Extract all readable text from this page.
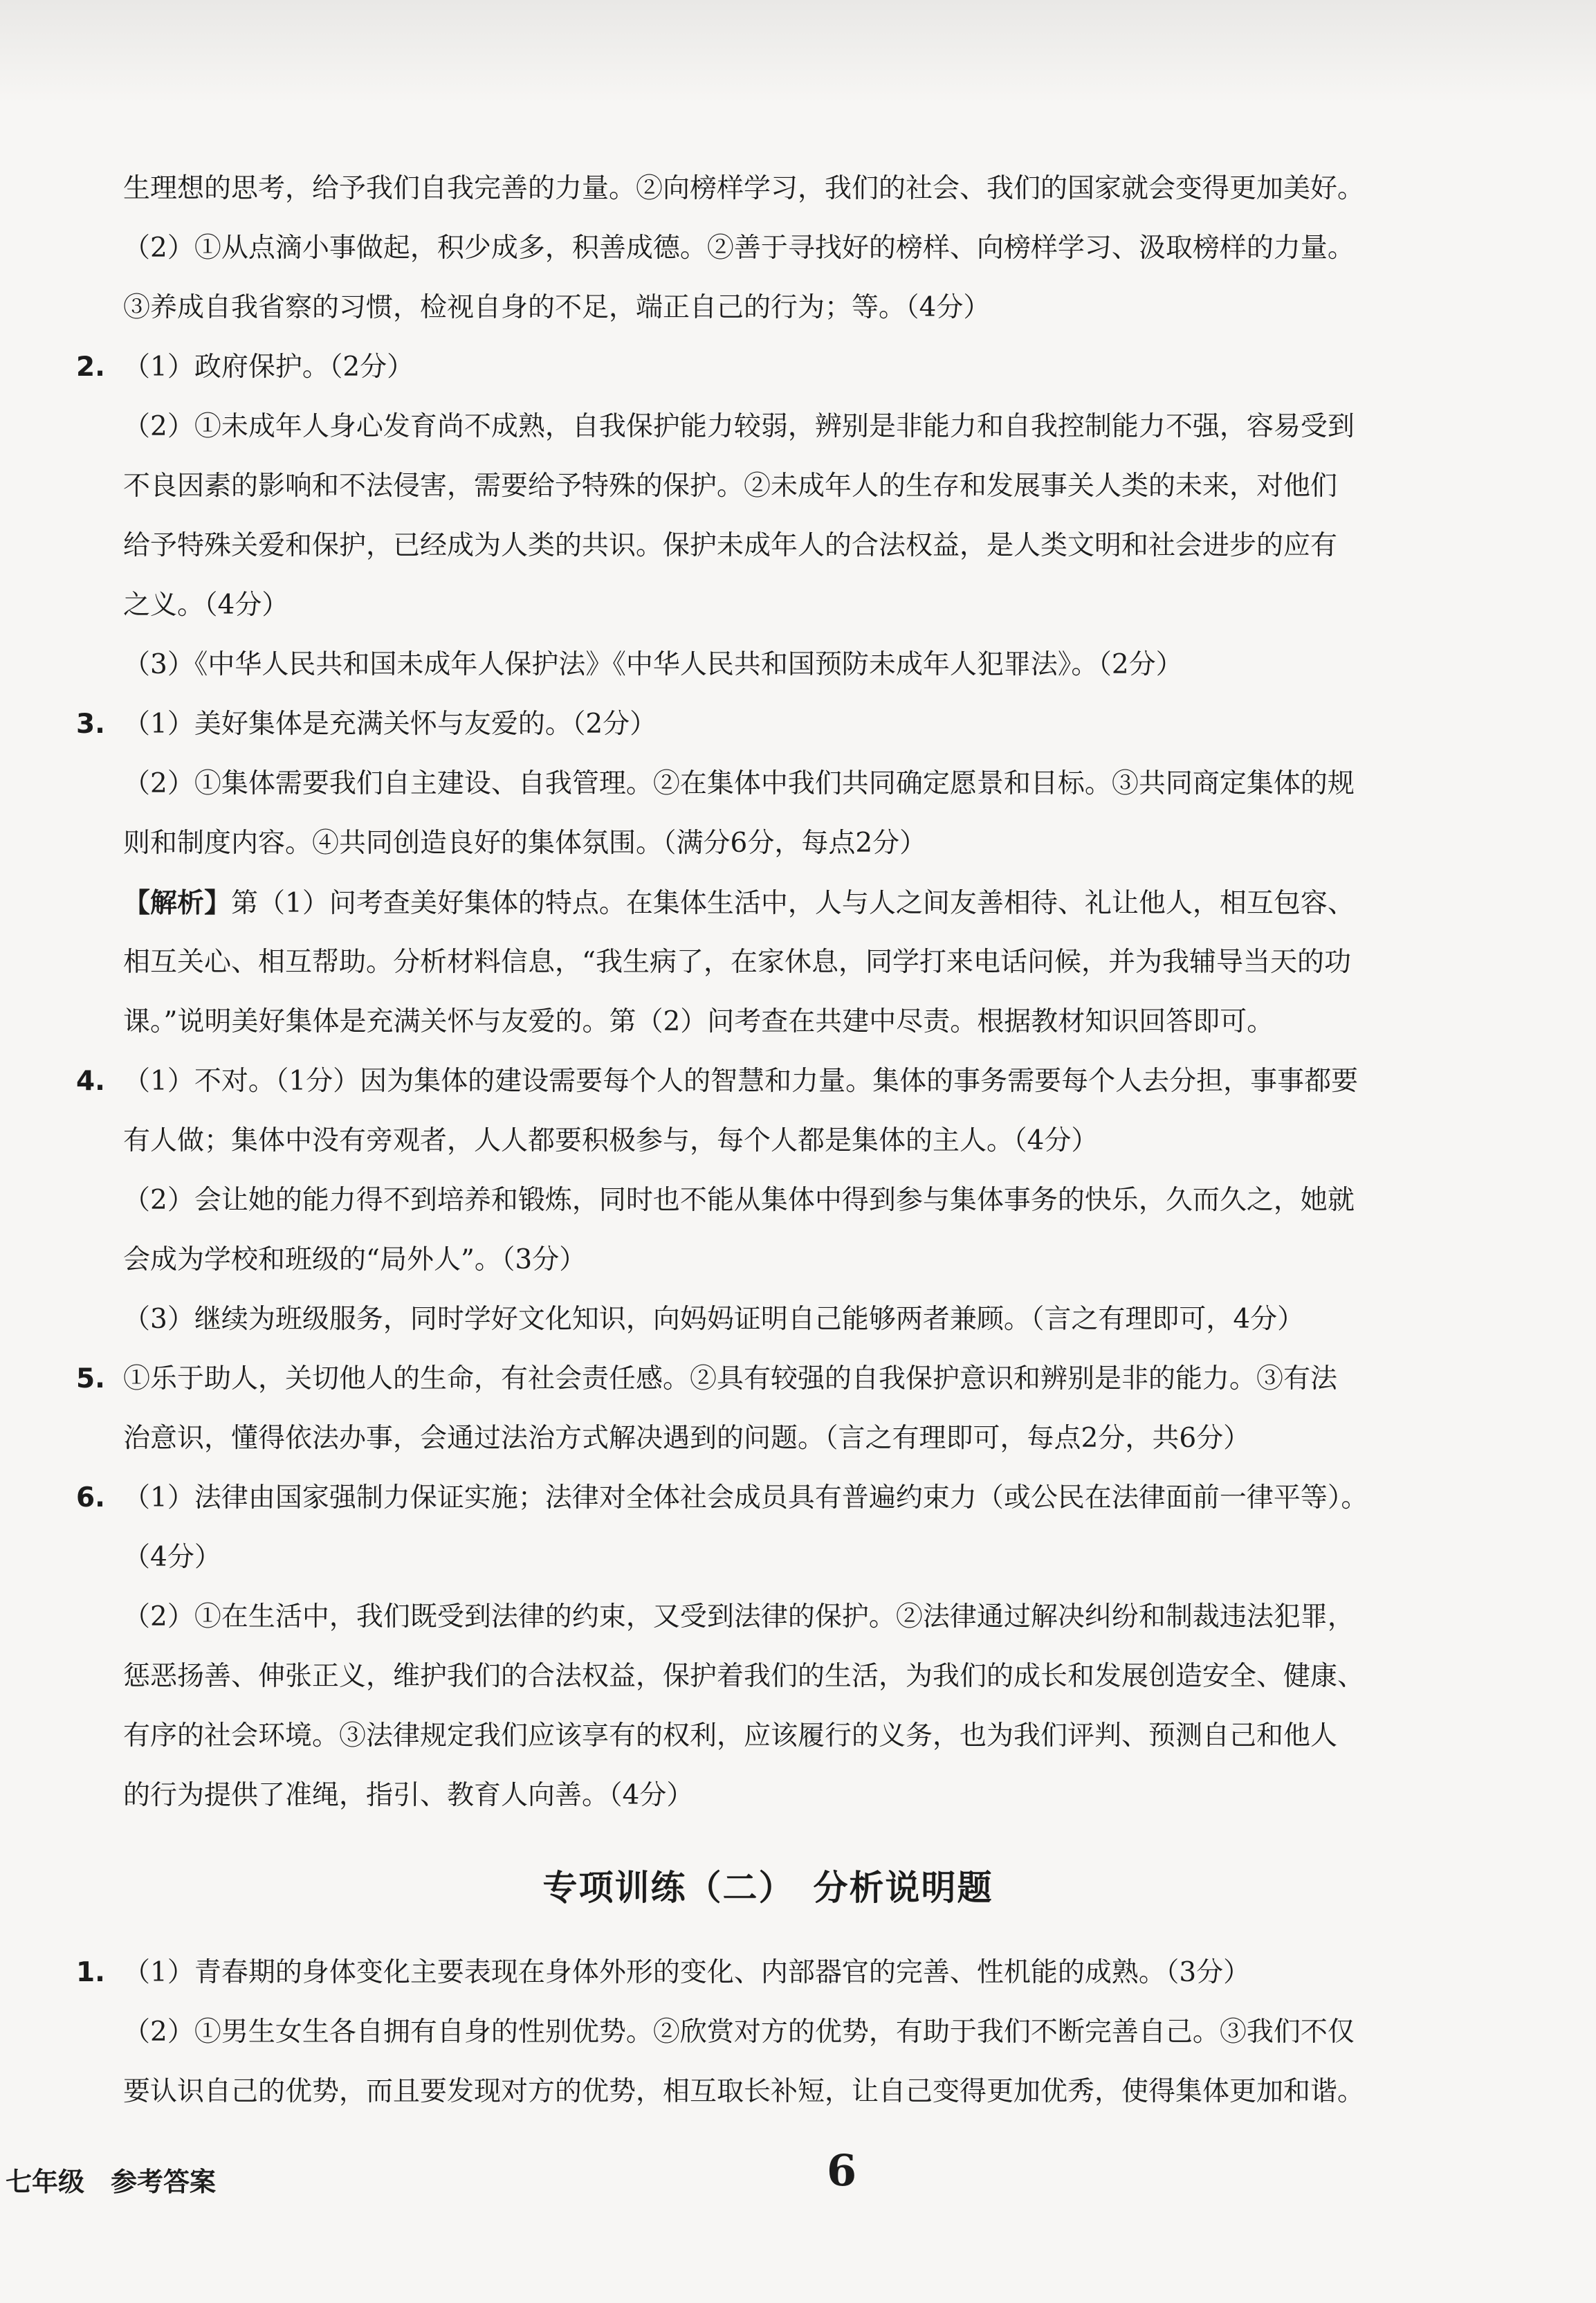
生理想的思考，给予我们自我完善的力量。②向榜样学习，我们的社会、我们的国家就会变得更加美好。
（2）①从点滴小事做起，积少成多，积善成德。②善于寻找好的榜样、向榜样学习、汲取榜样的力量。
③养成自我省察的习惯，检视自身的不足，端正自己的行为；等。（4分）
2. （1）政府保护。（2分）
（2）①未成年人身心发育尚不成熟，自我保护能力较弱，辨别是非能力和自我控制能力不强，容易受到
不良因素的影响和不法侵害，需要给予特殊的保护。②未成年人的生存和发展事关人类的未来，对他们
给予特殊关爱和保护，已经成为人类的共识。保护未成年人的合法权益，是人类文明和社会进步的应有
之义。（4分）
（3）《中华人民共和国未成年人保护法》《中华人民共和国预防未成年人犯罪法》。（2分）
3. （1）美好集体是充满关怀与友爱的。（2分）
（2）①集体需要我们自主建设、自我管理。②在集体中我们共同确定愿景和目标。③共同商定集体的规
则和制度内容。④共同创造良好的集体氛围。（满分6分，每点2分）
【解析】第（1）问考查美好集体的特点。在集体生活中，人与人之间友善相待、礼让他人，相互包容、
相互关心、相互帮助。分析材料信息，“我生病了，在家休息，同学打来电话问候，并为我辅导当天的功
课。”说明美好集体是充满关怀与友爱的。第（2）问考查在共建中尽责。根据教材知识回答即可。
4. （1）不对。（1分）因为集体的建设需要每个人的智慧和力量。集体的事务需要每个人去分担，事事都要
有人做；集体中没有旁观者，人人都要积极参与，每个人都是集体的主人。（4分）
（2）会让她的能力得不到培养和锻炼，同时也不能从集体中得到参与集体事务的快乐，久而久之，她就
会成为学校和班级的“局外人”。（3分）
（3）继续为班级服务，同时学好文化知识，向妈妈证明自己能够两者兼顾。（言之有理即可，4分）
5. ①乐于助人，关切他人的生命，有社会责任感。②具有较强的自我保护意识和辨别是非的能力。③有法
治意识，懂得依法办事，会通过法治方式解决遇到的问题。（言之有理即可，每点2分，共6分）
6. （1）法律由国家强制力保证实施；法律对全体社会成员具有普遍约束力（或公民在法律面前一律平等）。
（4分）
（2）①在生活中，我们既受到法律的约束，又受到法律的保护。②法律通过解决纠纷和制裁违法犯罪，
惩恶扬善、伸张正义，维护我们的合法权益，保护着我们的生活，为我们的成长和发展创造安全、健康、
有序的社会环境。③法律规定我们应该享有的权利，应该履行的义务，也为我们评判、预测自己和他人
的行为提供了准绳，指引、教育人向善。（4分）
专项训练（二）　分析说明题
1. （1）青春期的身体变化主要表现在身体外形的变化、内部器官的完善、性机能的成熟。（3分）
（2）①男生女生各自拥有自身的性别优势。②欣赏对方的优势，有助于我们不断完善自己。③我们不仅
要认识自己的优势，而且要发现对方的优势，相互取长补短，让自己变得更加优秀，使得集体更加和谐。
七年级　参考答案	6
